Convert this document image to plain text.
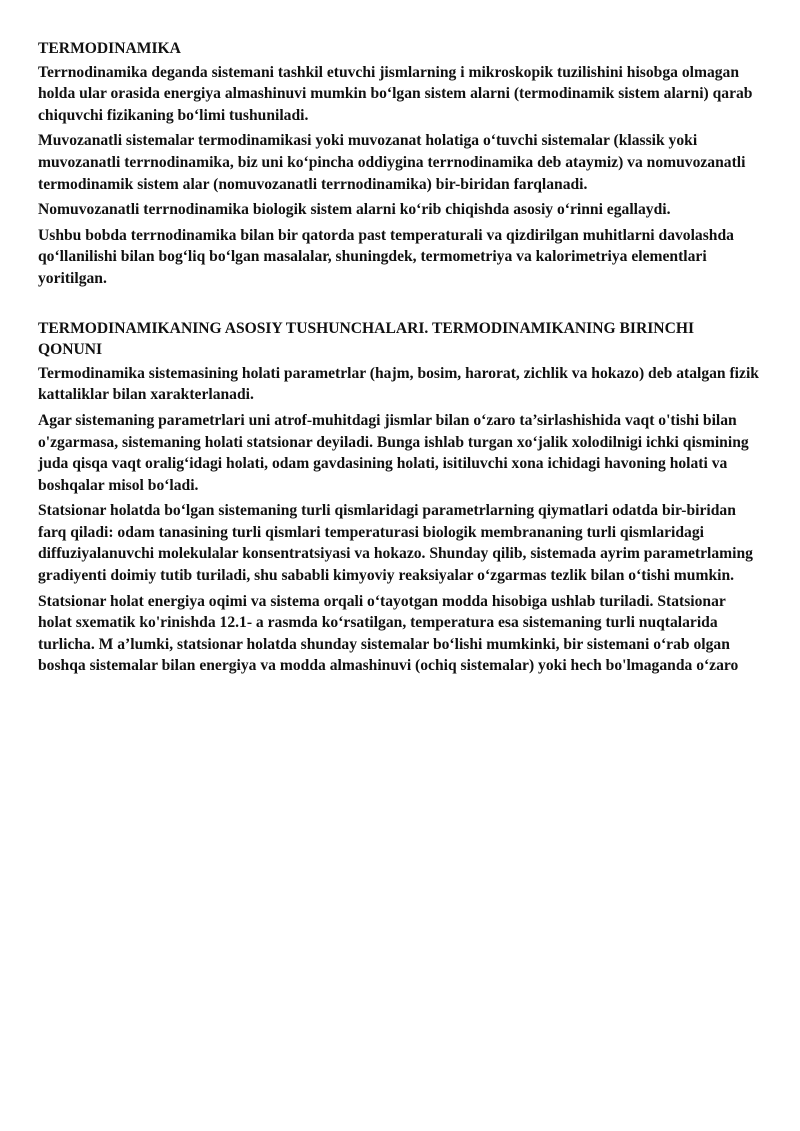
TERMODINAMIKA
Terrnodinamika deganda sistemani tashkil etuvchi jismlarning i mikroskopik tuzilishini hisobga olmagan holda ular orasida energiya almashinuvi mumkin bo‘lgan sistem alarni (termodinamik sistem alarni) qarab chiquvchi fizikaning bo‘limi tushuniladi.
Muvozanatli sistemalar termodinamikasi yoki muvozanat holatiga o‘tuvchi sistemalar (klassik yoki muvozanatli terrnodinamika, biz uni ko‘pincha oddiygina terrnodinamika deb ataymiz) va nomuvozanatli termodinamik sistem alar (nomuvozanatli terrnodinamika) bir-biridan farqlanadi.
Nomuvozanatli terrnodinamika biologik sistem alarni ko‘rib chiqishda asosiy o‘rinni egallaydi.
Ushbu bobda terrnodinamika bilan bir qatorda past temperaturali va qizdirilgan muhitlarni davolashda qo‘llanilishi bilan bog‘liq bo‘lgan masalalar, shuningdek, termometriya va kalorimetriya elementlari yoritilgan.
TERMODINAMIKANING ASOSIY TUSHUNCHALARI. TERMODINAMIKANING BIRINCHI QONUNI
Termodinamika sistemasining holati parametrlar (hajm, bosim, harorat, zichlik va hokazo) deb atalgan fizik kattaliklar bilan xarakterlanadi.
Agar sistemaning parametrlari uni atrof-muhitdagi jismlar bilan o‘zaro ta’sirlashishida vaqt o'tishi bilan o'zgarmasa, sistemaning holati statsionar deyiladi. Bunga ishlab turgan xo‘jalik xolodilnigi ichki qismining juda qisqa vaqt oralig‘idagi holati, odam gavdasining holati, isitiluvchi xona ichidagi havoning holati va boshqalar misol bo‘ladi.
Statsionar holatda bo‘lgan sistemaning turli qismlaridagi parametrlarning qiymatlari odatda bir-biridan farq qiladi: odam tanasining turli qismlari temperaturasi biologik membrananing turli qismlaridagi diffuziyalanuvchi molekulalar konsentratsiyasi va hokazo. Shunday qilib, sistemada ayrim parametrlaming gradiyenti doimiy tutib turiladi, shu sababli kimyoviy reaksiyalar o‘zgarmas tezlik bilan o‘tishi mumkin.
Statsionar holat energiya oqimi va sistema orqali o‘tayotgan modda hisobiga ushlab turiladi. Statsionar holat sxematik ko'rinishda 12.1- a rasmda ko‘rsatilgan, temperatura esa sistemaning turli nuqtalarida turlicha. M a’lumki, statsionar holatda shunday sistemalar bo‘lishi mumkinki, bir sistemani o‘rab olgan boshqa sistemalar bilan energiya va modda almashinuvi (ochiq sistemalar) yoki hech bo'lmaganda o‘zaro
